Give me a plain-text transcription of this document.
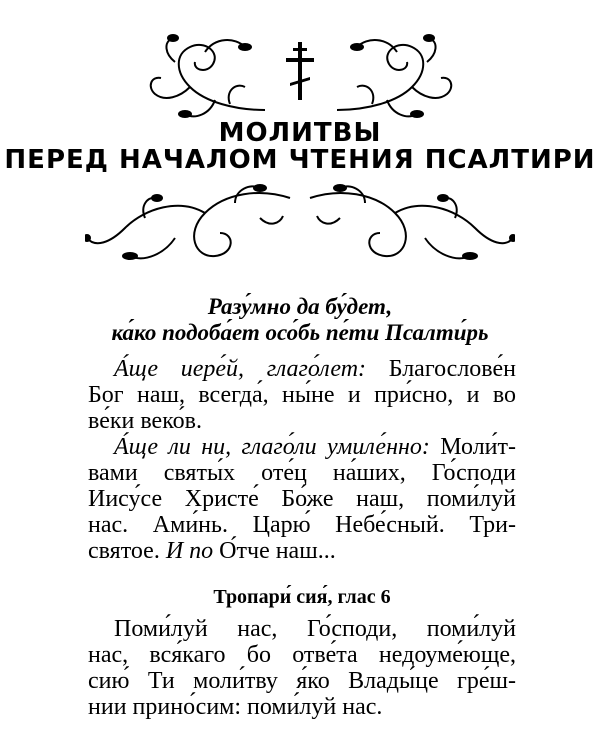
МОЛИТВЫ
ПЕРЕД НАЧАЛОМ ЧТЕНИЯ ПСАЛТИРИ
Разу́мно да бу́дет,
ка́ко подоба́ет осо́бь пе́ти Псалти́рь
А́ще иере́й, глаго́лет: Благослове́н
Бог наш, всегда́, ны́не и при́сно, и во
ве́ки веко́в.
А́ще ли ни, глаго́ли умиле́нно: Моли́т-
вами святы́х оте́ц на́ших, Го́споди
Иису́се Христе́ Бо́же наш, поми́луй
нас. Ами́нь. Царю́ Небе́сный. Три-
святое. И по О́тче наш...
Тропари́ сия́, глас 6
Поми́луй нас, Го́споди, поми́луй
нас, вся́каго бо отве́та недоуме́юще,
сию́ Ти моли́тву я́ко Влады́це гре́ш-
нии прино́сим: поми́луй нас.
